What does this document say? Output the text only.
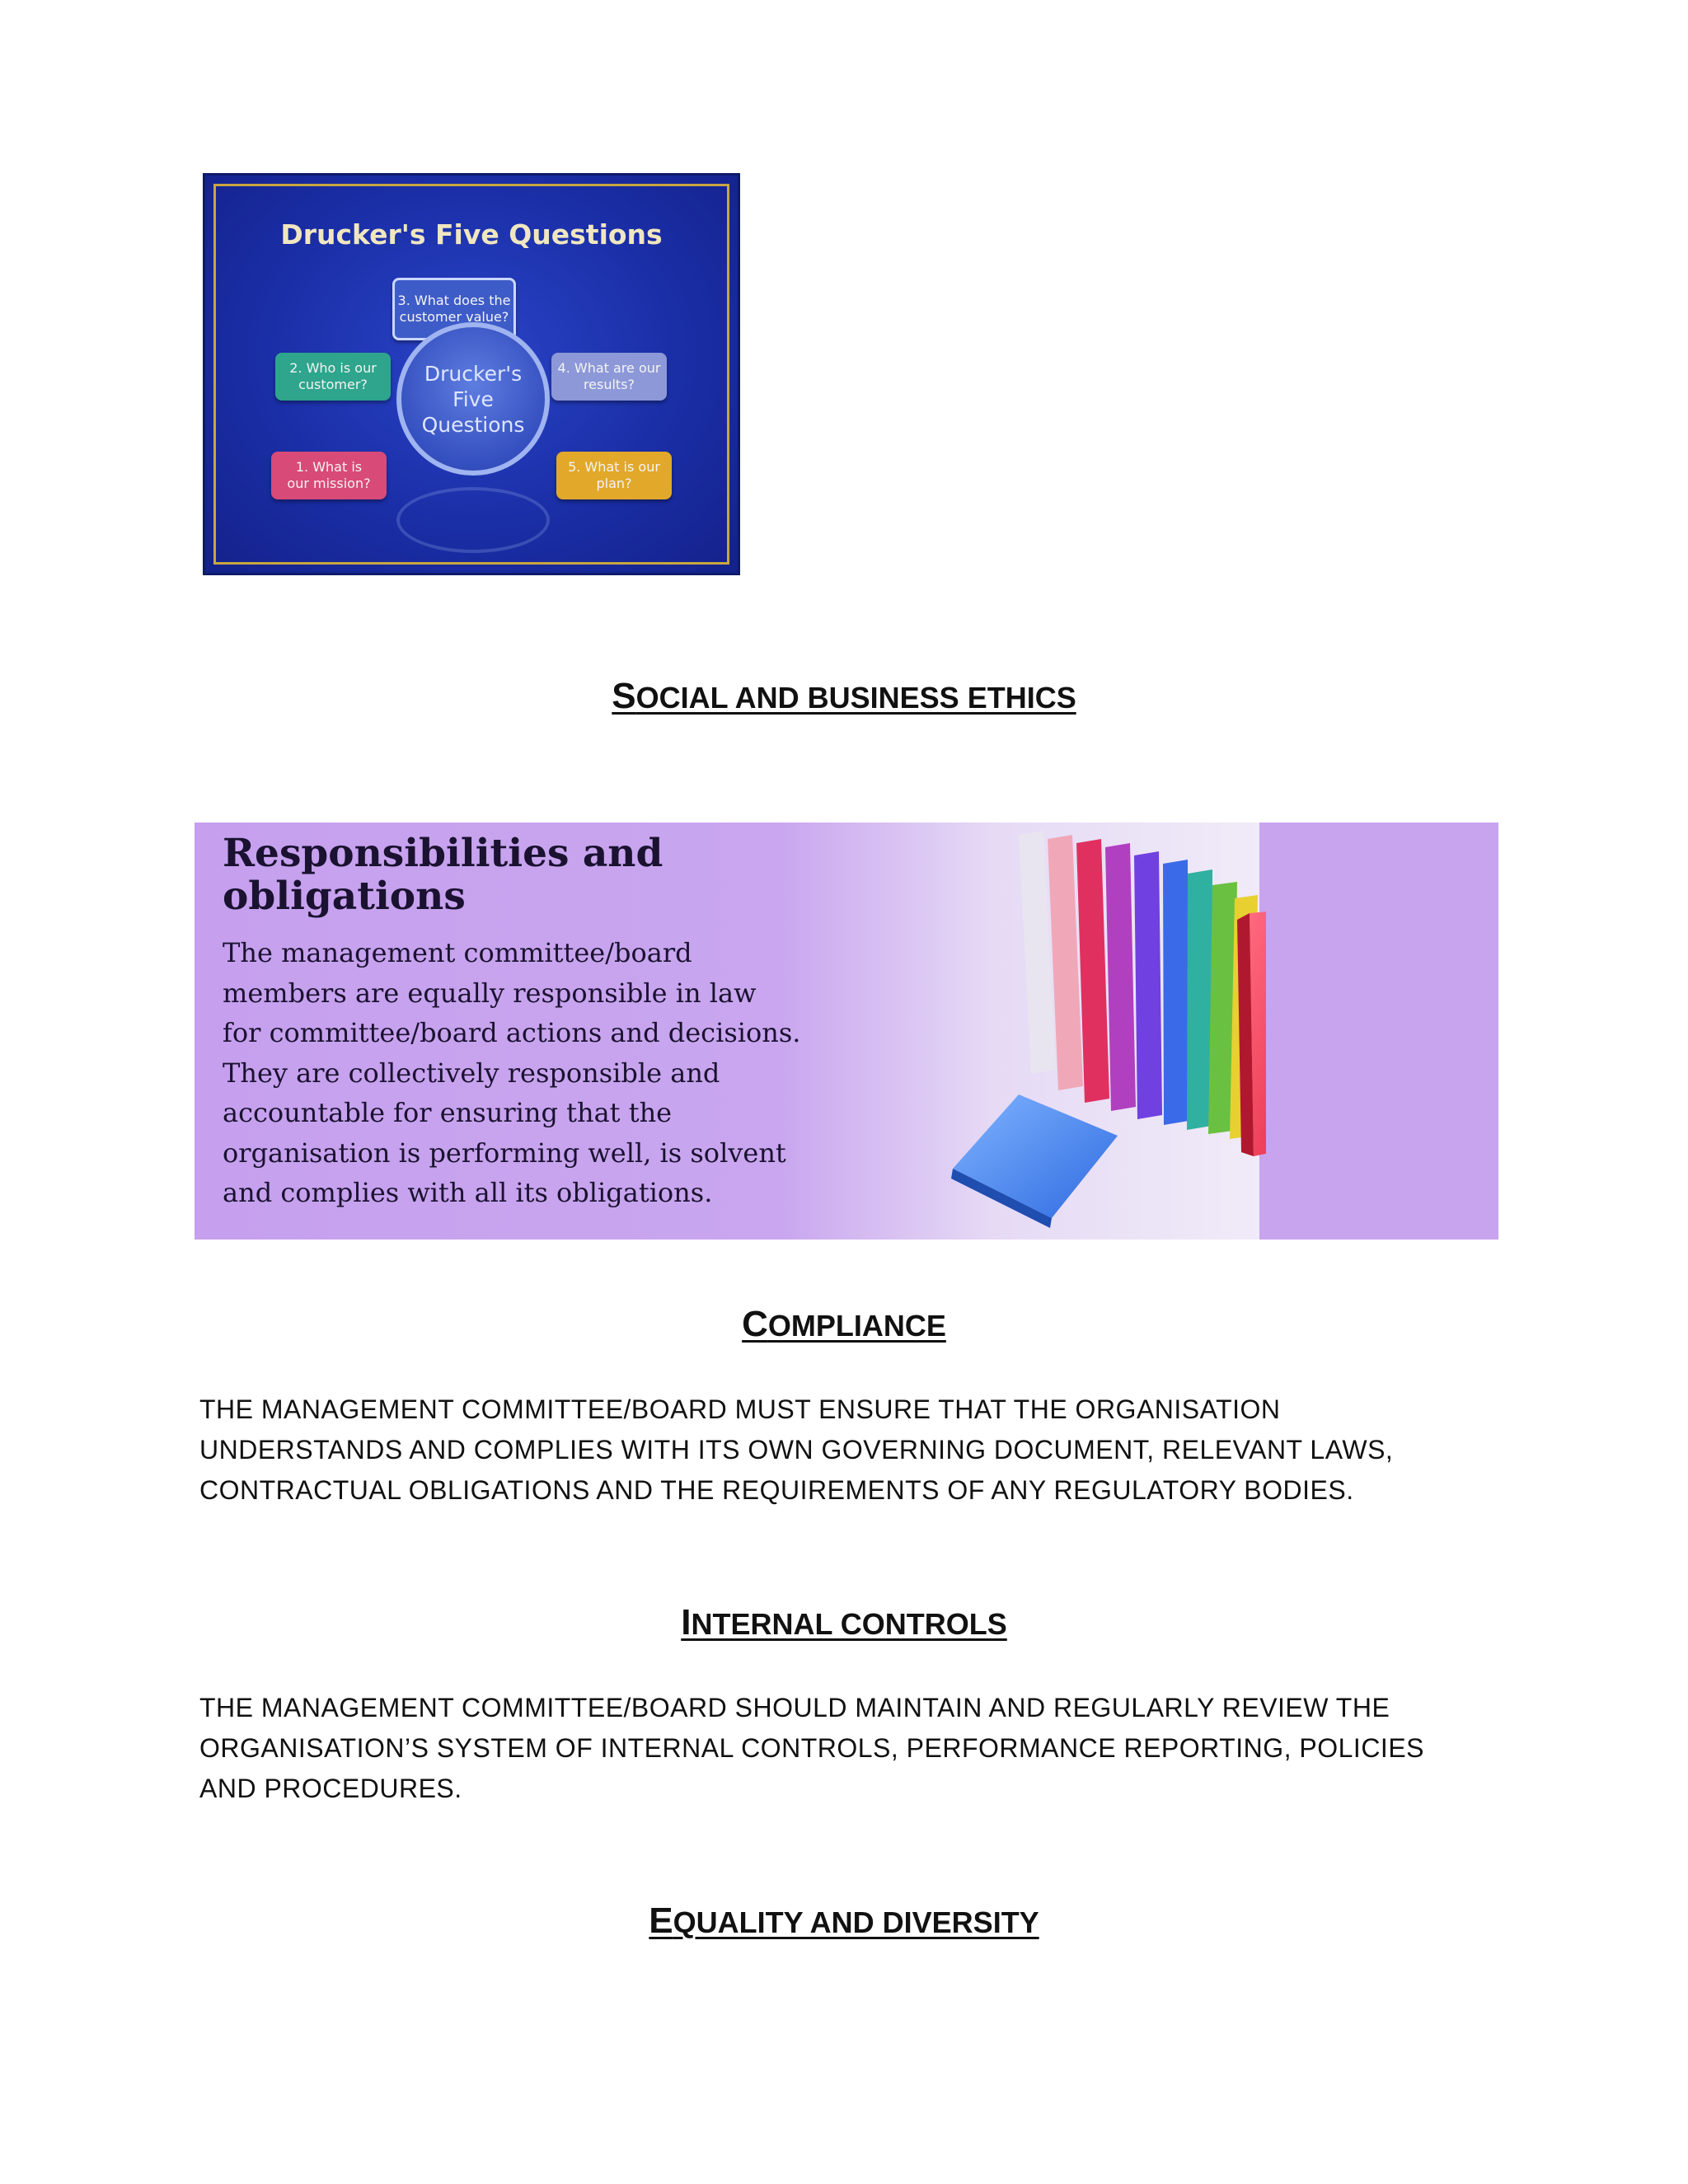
Drucker's Five Questions
3. What does the
customer value?
2. Who is our
customer?
4. What are our
results?
Drucker's
Five
Questions
1. What is
our mission?
5. What is our
plan?
SOCIAL AND BUSINESS ETHICS
Responsibilities and
obligations
The management committee/board
members are equally responsible in law
for committee/board actions and decisions.
They are collectively responsible and
accountable for ensuring that the
organisation is performing well, is solvent
and complies with all its obligations.
COMPLIANCE
THE MANAGEMENT COMMITTEE/BOARD MUST ENSURE THAT THE ORGANISATION UNDERSTANDS AND COMPLIES WITH ITS OWN GOVERNING DOCUMENT, RELEVANT LAWS, CONTRACTUAL OBLIGATIONS AND THE REQUIREMENTS OF ANY REGULATORY BODIES.
INTERNAL CONTROLS
THE MANAGEMENT COMMITTEE/BOARD SHOULD MAINTAIN AND REGULARLY REVIEW THE ORGANISATION’S SYSTEM OF INTERNAL CONTROLS, PERFORMANCE REPORTING, POLICIES AND PROCEDURES.
EQUALITY AND DIVERSITY
